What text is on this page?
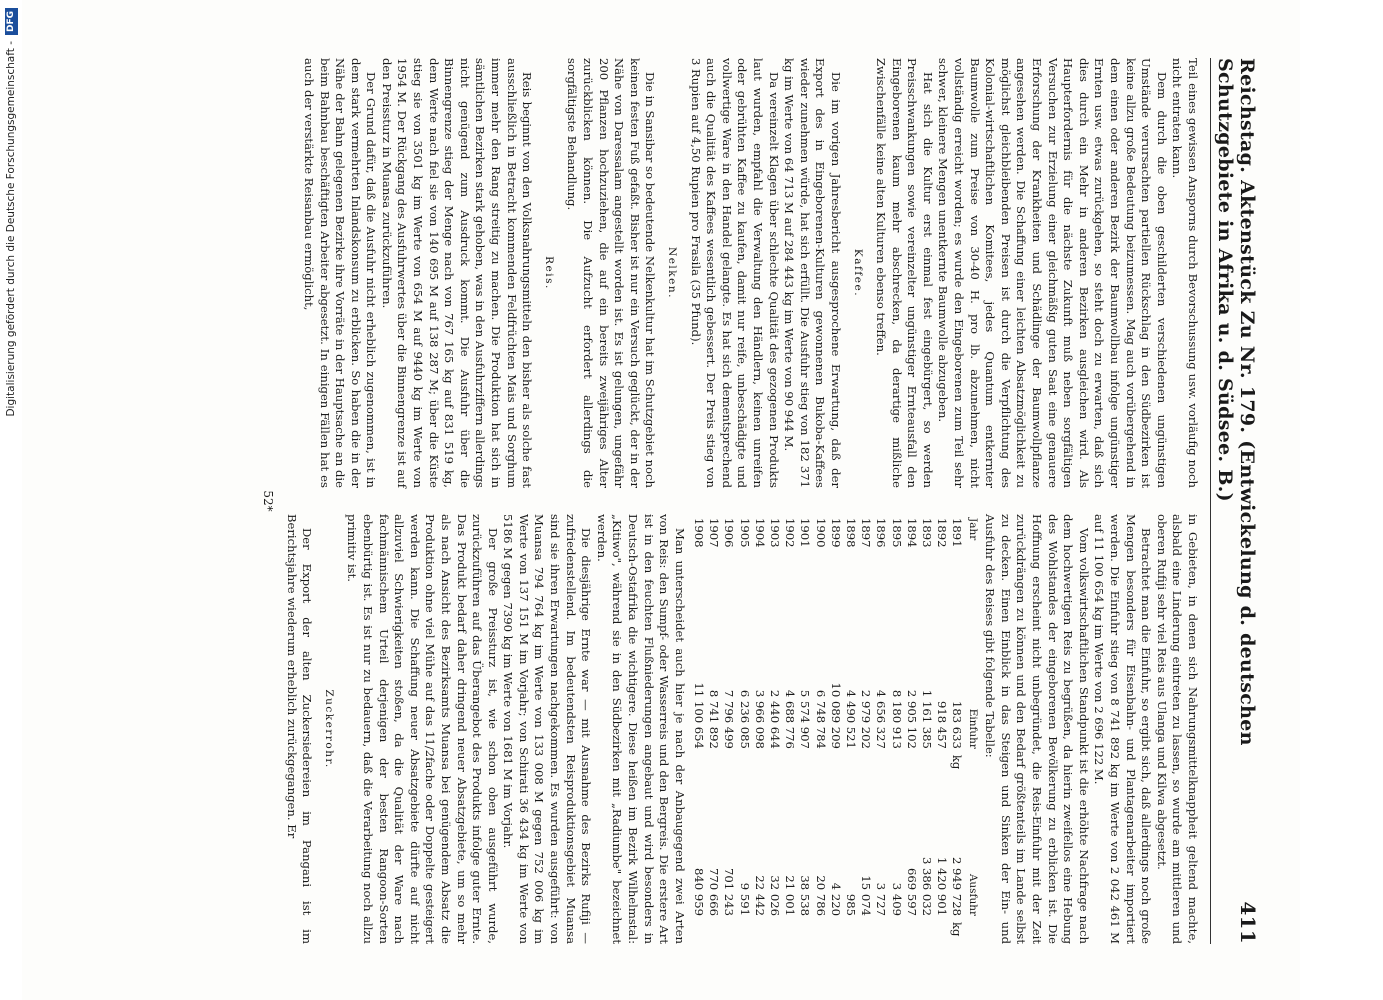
Reichstag. Aktenstück Zu Nr. 179. (Entwickelung d. deutschen Schutzgebiete in Afrika u. d. Südsee. B.)
411

Teil eines gewissen Ansporns durch Bevorschussung usw. vorläufig noch nicht entraten kann.

Dem durch die oben geschilderten verschiedenen ungünstigen Umstände verursachten partiellen Rückschlag in den Südbezirken ist keine allzu große Bedeutung beizumessen. Mag auch vorübergehend in dem einen oder anderen Bezirk der Baumwollbau infolge ungünstiger Ernten usw. etwas zurückgehen, so steht doch zu erwarten, daß sich dies durch ein Mehr in anderen Bezirken ausgleichen wird. Als Haupterfordernis für die nächste Zukunft muß neben sorgfältigen Versuchen zur Erzielung einer gleichmäßig guten Saat eine genauere Erforschung der Krankheiten und Schädlinge der Baumwollpflanze angesehen werden. Die Schaffung einer leichten Absatzmöglichkeit zu möglichst gleichbleibenden Preisen ist durch die Verpflichtung des Kolonial-wirtschaftlichen Komitees, jedes Quantum entkernter Baumwolle zum Preise von 30-40 H. pro lb. abzunehmen, nicht vollständig erreicht worden; es wurde den Eingeborenen zum Teil sehr schwer, kleinere Mengen unentkernte Baumwolle abzugeben.

Hat sich die Kultur erst einmal fest eingebürgert, so werden Preisschwankungen sowie vereinzelter ungünstiger Ernteausfall den Eingeborenen kaum mehr abschrecken, da derartige mißliche Zwischenfälle keine alten Kulturen ebenso treffen.

Kaffee.

Die im vorigen Jahresbericht ausgesprochene Erwartung, daß der Export des in Eingeborenen-Kulturen gewonnenen Bukoba-Kaffees wieder zunehmen würde, hat sich erfüllt. Die Ausfuhr stieg von 182 371 kg im Werte von 64 713 M auf 284 443 kg im Werte von 90 944 M.

Da vereinzelt Klagen über schlechte Qualität des gezogenen Produkts laut wurden, empfahl die Verwaltung den Händlern, keinen unreifen oder gebrühten Kaffee zu kaufen, damit nur reife, unbeschädigte und vollwertige Ware in den Handel gelangte. Es hat sich dementsprechend auch die Qualität des Kaffees wesentlich gebessert. Der Preis stieg von 3 Rupien auf 4,50 Rupien pro Frasila (35 Pfund).

Nelken.

Die in Sansibar so bedeutende Nelkenkultur hat im Schutzgebiet noch keinen festen Fuß gefaßt. Bisher ist nur ein Versuch geglückt, der in der Nähe von Daressalam angestellt worden ist. Es ist gelungen, ungefähr 200 Pflanzen hochzuziehen, die auf ein bereits zweijähriges Alter zurückblicken können. Die Aufzucht erfordert allerdings die sorgfältigste Behandlung.

Reis.

Reis beginnt von den Volksnahrungsmitteln den bisher als solche fast ausschließlich in Betracht kommenden Feldfrüchten Mais und Sorghum immer mehr den Rang streitig zu machen. Die Produktion hat sich in sämtlichen Bezirken stark gehoben, was in den Ausfuhrziffern allerdings nicht genügend zum Ausdruck kommt. Die Ausfuhr über die Binnengrenze stieg der Menge nach von 767 165 kg auf 831 519 kg, dem Werte nach fiel sie von 140 695 M auf 138 287 M; über die Küste stieg sie von 3501 kg im Werte von 654 M auf 9440 kg im Werte von 1954 M. Der Rückgang des Ausfuhrwertes über die Binnengrenze ist auf den Preissturz in Muansa zurückzuführen.

Der Grund dafür, daß die Ausfuhr nicht erheblich zugenommen, ist in dem stark vermehrten Inlandskonsum zu erblicken. So haben die in der Nähe der Bahn gelegenen Bezirke ihre Vorräte in der Hauptsache an die beim Bahnbau beschäftigten Arbeiter abgesetzt. In einigen Fällen hat es auch der verstärkte Reisanbau ermöglicht,

in Gebieten, in denen sich Nahrungsmittelknappheit geltend machte, alsbald eine Linderung eintreten zu lassen, so wurde am mittleren und oberen Rufiji sehr viel Reis aus Ulanga und Kilwa abgesetzt.

Betrachtet man die Einfuhr, so ergibt sich, daß allerdings noch große Mengen besonders für Eisenbahn- und Plantagenarbeiter importiert werden. Die Einfuhr stieg von 8 741 892 kg im Werte von 2 042 461 M auf 11 100 654 kg im Werte von 2 696 122 M.

Vom volkswirtschaftlichen Standpunkt ist die erhöhte Nachfrage nach dem hochwertigen Reis zu begrüßen, da hierin zweifellos eine Hebung des Wohlstandes der eingeborenen Bevölkerung zu erblicken ist. Die Hoffnung erscheint nicht unbegründet, die Reis-Einfuhr mit der Zeit zurückdrängen zu können und den Bedarf größtenteils im Lande selbst zu decken. Einen Einblick in das Steigen und Sinken der Ein- und Ausfuhr des Reises gibt folgende Tabelle:

Jahr	Einfuhr		Ausfuhr	
1891	183 633	kg	2 949 728	kg
1892	918 457		1 420 901	
1893	1 161 385		3 386 032	
1894	2 905 102		669 597	
1895	8 180 913		3 409	
1896	4 656 327		3 727	
1897	2 979 202		15 074	
1898	4 490 521		985	
1899	10 089 209		4 220	
1900	6 748 784		20 786	
1901	5 574 907		38 538	
1902	4 688 776		21 001	
1903	2 440 644		32 026	
1904	3 966 098		22 442	
1905	6 236 085		9 591	
1906	7 796 499		701 243	
1907	8 741 892		770 666	
1908	11 100 654		840 959	

Man unterscheidet auch hier je nach der Anbaugegend zwei Arten von Reis: den Sumpf- oder Wasserreis und den Bergreis. Die erstere Art ist in den feuchten Flußniederungen angebaut und wird besonders in Deutsch-Ostafrika die wichtigere. Diese heißen im Bezirk Wilhelmstal: „Kitiwo", während sie in den Südbezirken mit „Radiumbe" bezeichnet werden.

Die diesjährige Ernte war — mit Ausnahme des Bezirks Rufiji — zufriedenstellend. Im bedeutendsten Reisproduktionsgebiet Muansa sind sie ihren Erwartungen nachgekommen. Es wurden ausgeführt: von Muansa 794 764 kg im Werte von 133 008 M gegen 752 006 kg im Werte von 137 151 M im Vorjahr; von Schirati 36 434 kg im Werte von 5186 M gegen 7390 kg im Werte von 1681 M im Vorjahr.

Der große Preissturz ist, wie schon oben ausgeführt wurde, zurückzuführen auf das Überangebot des Produkts infolge guter Ernte. Das Produkt bedarf daher dringend neuer Absatzgebiete, um so mehr als nach Ansicht des Bezirksamts Muansa bei genügendem Absatz die Produktion ohne viel Mühe auf das 11/2fache oder Doppelte gesteigert werden kann. Die Schaffung neuer Absatzgebiete dürfte auf nicht allzuviel Schwierigkeiten stoßen, da die Qualität der Ware nach fachmännischem Urteil derjenigen der besten Rangoon-Sorten ebenbürtig ist. Es ist nur zu bedauern, daß die Verarbeitung noch allzu primitiv ist.

Zuckerrohr.

Der Export der alten Zuckersiedereien im Pangani ist im Berichtsjahre wiederum erheblich zurückgegangen. Er

52*
Digitalisierung gefördert durch die Deutsche Forschungsgemeinschaft -
DFG
